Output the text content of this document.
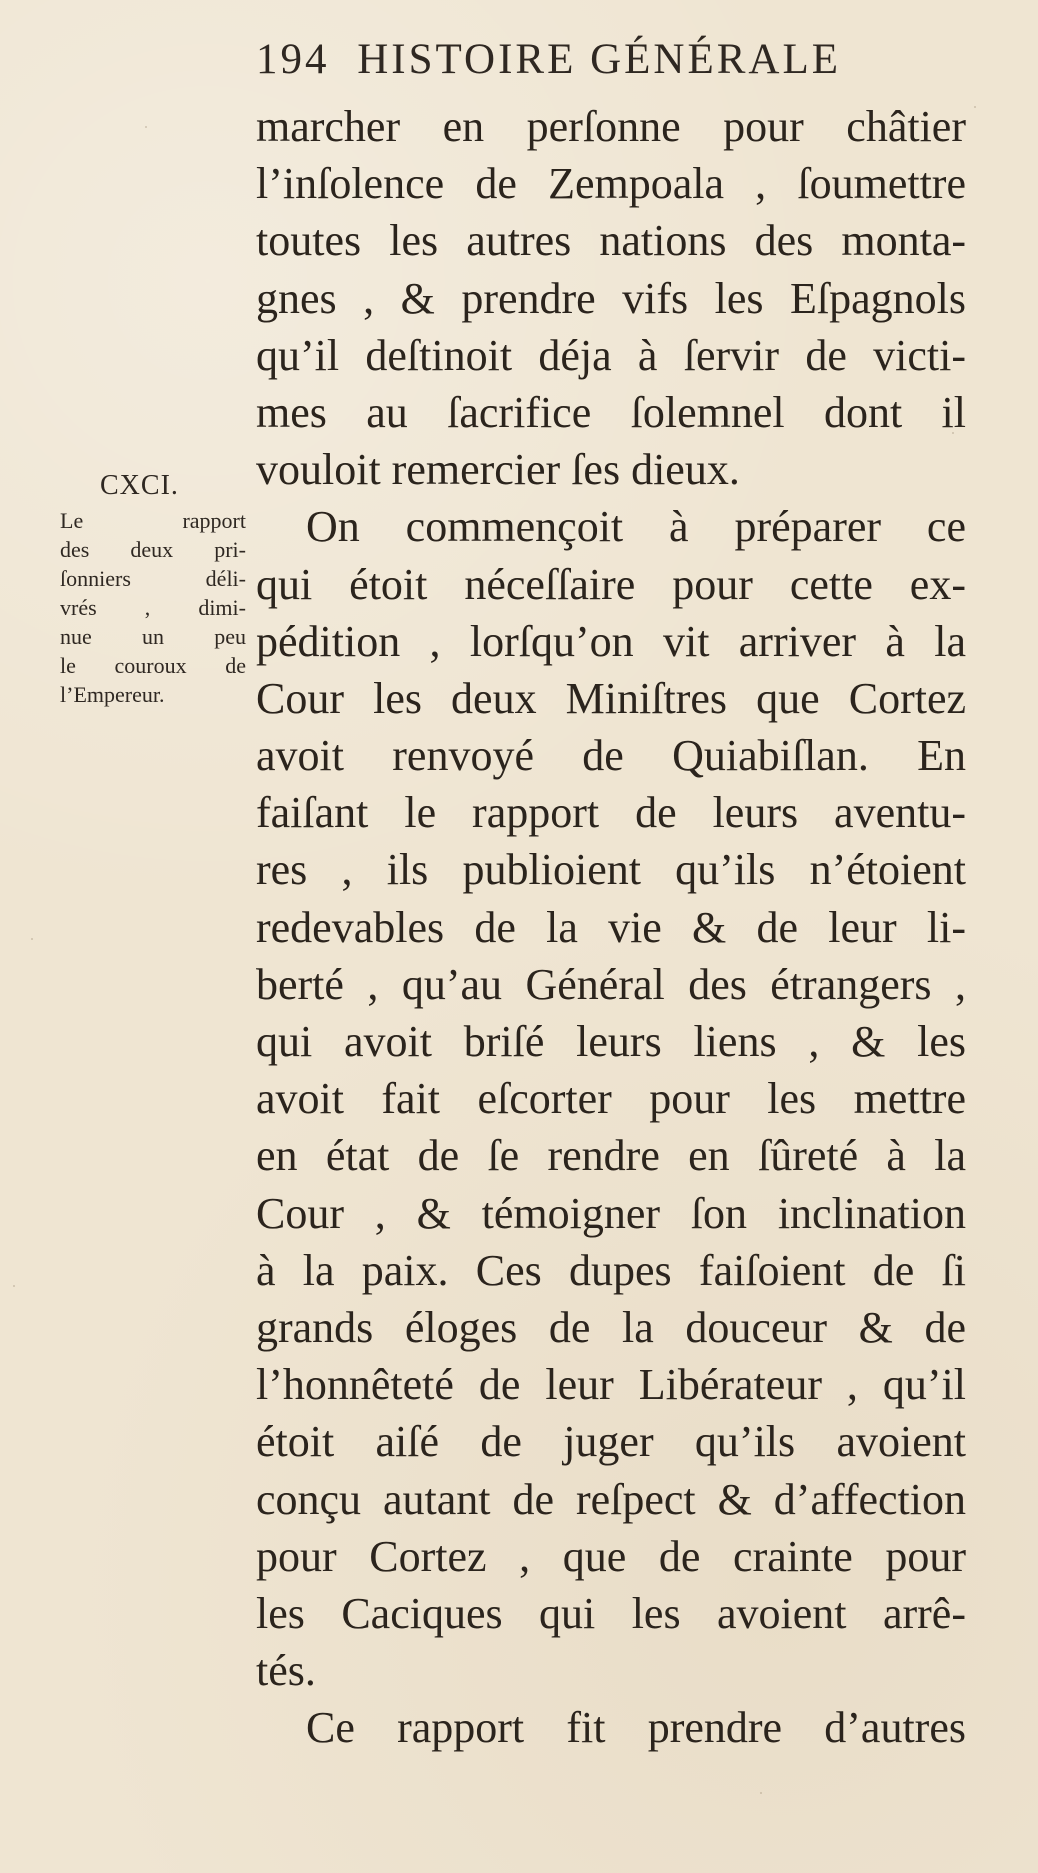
194 HISTOIRE GÉNÉRALE
CXCI.
Le rapport
des deux pri-
ſonniers déli-
vrés , dimi-
nue un peu
le couroux de
l’Empereur.
marcher en perſonne pour châtier
l’inſolence de Zempoala , ſoumettre
toutes les autres nations des monta-
gnes , & prendre vifs les Eſpagnols
qu’il deſtinoit déja à ſervir de victi-
mes au ſacrifice ſolemnel dont il
vouloit remercier ſes dieux.
On commençoit à préparer ce
qui étoit néceſſaire pour cette ex-
pédition , lorſqu’on vit arriver à la
Cour les deux Miniſtres que Cortez
avoit renvoyé de Quiabiſlan. En
faiſant le rapport de leurs aventu-
res , ils publioient qu’ils n’étoient
redevables de la vie & de leur li-
berté , qu’au Général des étrangers ,
qui avoit briſé leurs liens , & les
avoit fait eſcorter pour les mettre
en état de ſe rendre en ſûreté à la
Cour , & témoigner ſon inclination
à la paix. Ces dupes faiſoient de ſi
grands éloges de la douceur & de
l’honnêteté de leur Libérateur , qu’il
étoit aiſé de juger qu’ils avoient
conçu autant de reſpect & d’affection
pour Cortez , que de crainte pour
les Caciques qui les avoient arrê-
tés.
Ce rapport fit prendre d’autres
